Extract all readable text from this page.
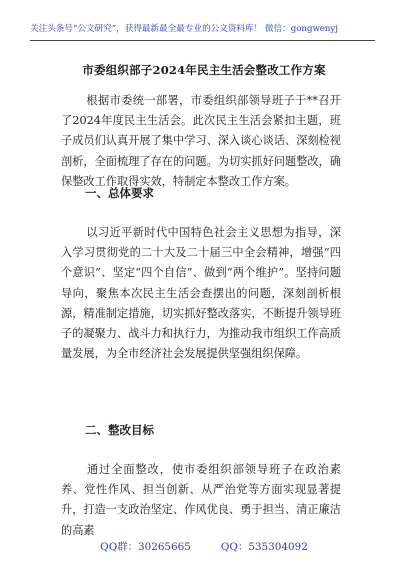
关注头条号“公文研究”，获得最新最全最专业的公文资料库！ 微信：gongwenyj
市委组织部子2024年民主生活会整改工作方案
根据市委统一部署，市委组织部领导班子于**召开了2024年度民主生活会。此次民主生活会紧扣主题，班子成员们认真开展了集中学习、深入谈心谈话、深刻检视剖析，全面梳理了存在的问题。为切实抓好问题整改，确保整改工作取得实效，特制定本整改工作方案。
一、总体要求
以习近平新时代中国特色社会主义思想为指导，深入学习贯彻党的二十大及二十届三中全会精神，增强“四个意识”、坚定“四个自信”、做到“两个维护”。坚持问题导向，聚焦本次民主生活会查摆出的问题，深刻剖析根源，精准制定措施，切实抓好整改落实，不断提升领导班子的凝聚力、战斗力和执行力，为推动我市组织工作高质量发展，为全市经济社会发展提供坚强组织保障。
二、整改目标
通过全面整改，使市委组织部领导班子在政治素养、党性作风、担当创新、从严治党等方面实现显著提升，打造一支政治坚定、作风优良、勇于担当、清正廉洁的高素
QQ群：30265665	QQ：535304092
